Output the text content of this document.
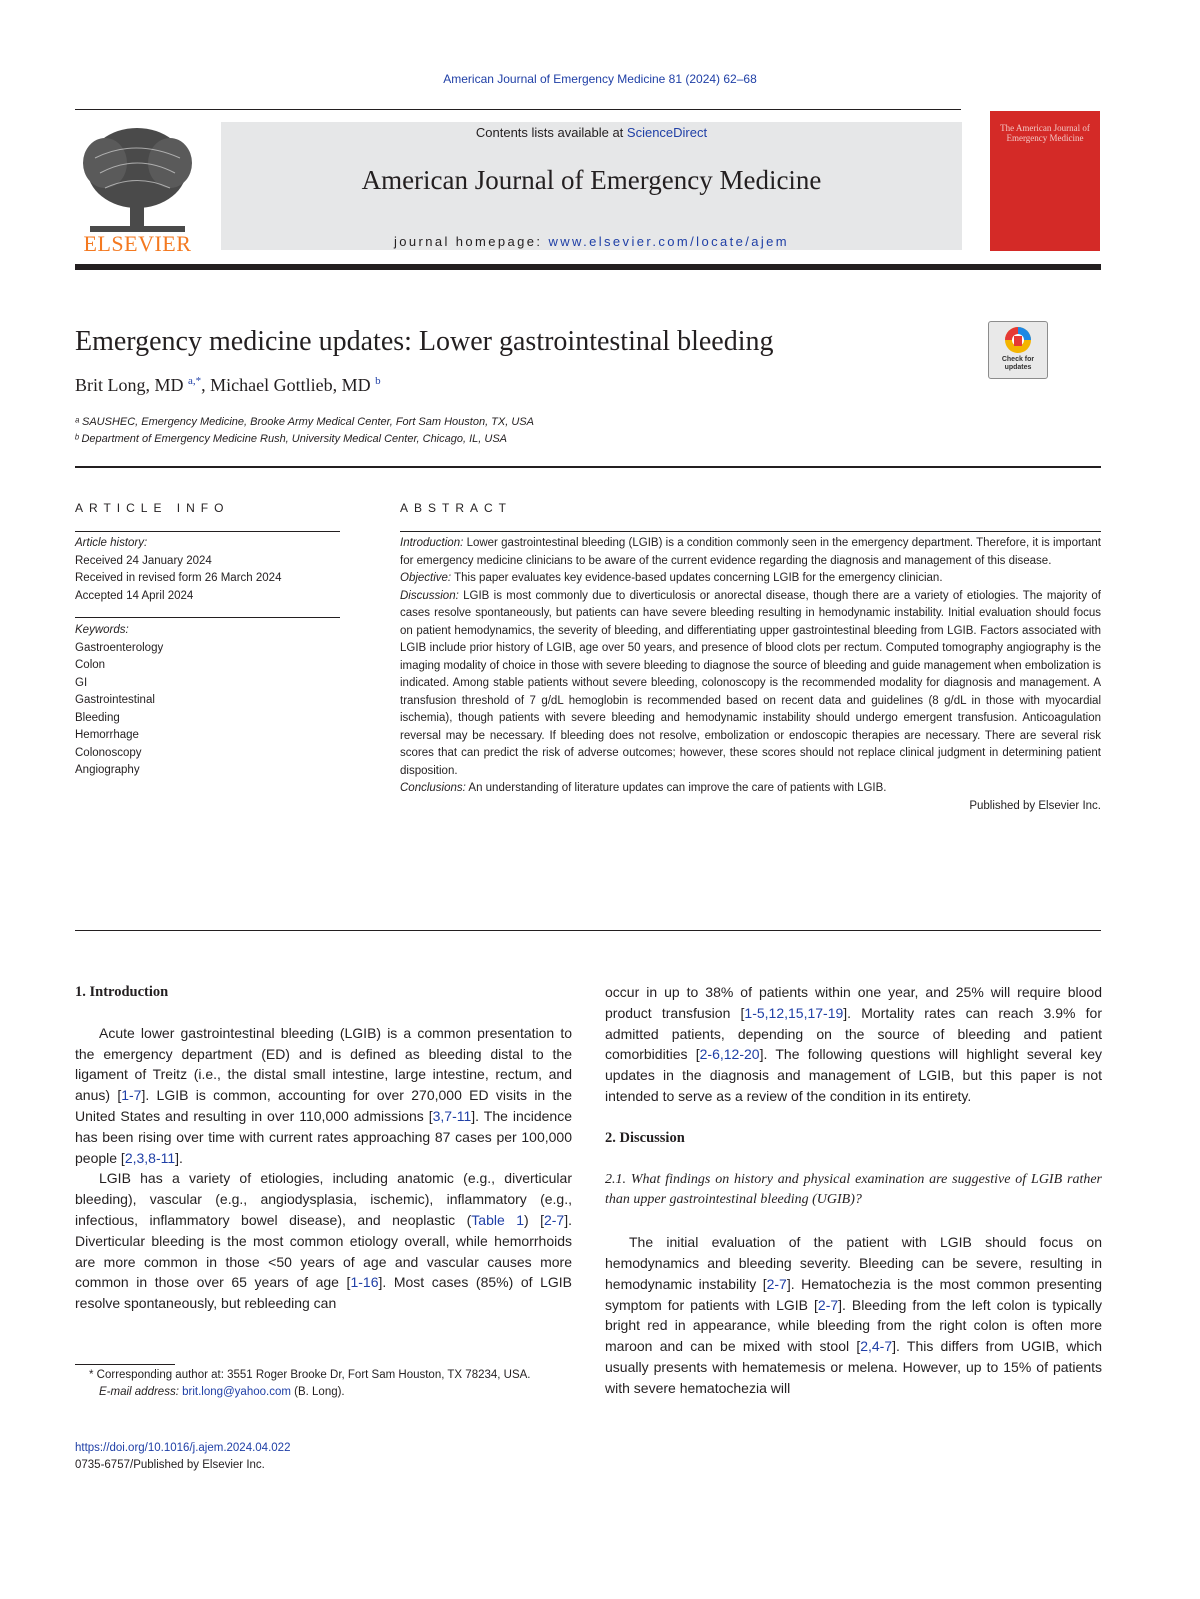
American Journal of Emergency Medicine 81 (2024) 62–68
ELSEVIER
Contents lists available at ScienceDirect
American Journal of Emergency Medicine
journal homepage: www.elsevier.com/locate/ajem
The American Journal of Emergency Medicine
Emergency medicine updates: Lower gastrointestinal bleeding
Check for updates
Brit Long, MD $^{a,*}$, Michael Gottlieb, MD $^b$
ᵃ SAUSHEC, Emergency Medicine, Brooke Army Medical Center, Fort Sam Houston, TX, USA
ᵇ Department of Emergency Medicine Rush, University Medical Center, Chicago, IL, USA
ARTICLE INFO
Article history:
Received 24 January 2024
Received in revised form 26 March 2024
Accepted 14 April 2024
Keywords:
Gastroenterology
Colon
GI
Gastrointestinal
Bleeding
Hemorrhage
Colonoscopy
Angiography
ABSTRACT

Introduction: Lower gastrointestinal bleeding (LGIB) is a condition commonly seen in the emergency department. Therefore, it is important for emergency medicine clinicians to be aware of the current evidence regarding the diagnosis and management of this disease.

Objective: This paper evaluates key evidence-based updates concerning LGIB for the emergency clinician.

Discussion: LGIB is most commonly due to diverticulosis or anorectal disease, though there are a variety of etiologies. The majority of cases resolve spontaneously, but patients can have severe bleeding resulting in hemodynamic instability. Initial evaluation should focus on patient hemodynamics, the severity of bleeding, and differentiating upper gastrointestinal bleeding from LGIB. Factors associated with LGIB include prior history of LGIB, age over 50 years, and presence of blood clots per rectum. Computed tomography angiography is the imaging modality of choice in those with severe bleeding to diagnose the source of bleeding and guide management when embolization is indicated. Among stable patients without severe bleeding, colonoscopy is the recommended modality for diagnosis and management. A transfusion threshold of 7 g/dL hemoglobin is recommended based on recent data and guidelines (8 g/dL in those with myocardial ischemia), though patients with severe bleeding and hemodynamic instability should undergo emergent transfusion. Anticoagulation reversal may be necessary. If bleeding does not resolve, embolization or endoscopic therapies are necessary. There are several risk scores that can predict the risk of adverse outcomes; however, these scores should not replace clinical judgment in determining patient disposition.

Conclusions: An understanding of literature updates can improve the care of patients with LGIB.

Published by Elsevier Inc.

1. Introduction

Acute lower gastrointestinal bleeding (LGIB) is a common presentation to the emergency department (ED) and is defined as bleeding distal to the ligament of Treitz (i.e., the distal small intestine, large intestine, rectum, and anus) [1-7]. LGIB is common, accounting for over 270,000 ED visits in the United States and resulting in over 110,000 admissions [3,7-11]. The incidence has been rising over time with current rates approaching 87 cases per 100,000 people [2,3,8-11].

LGIB has a variety of etiologies, including anatomic (e.g., diverticular bleeding), vascular (e.g., angiodysplasia, ischemic), inflammatory (e.g., infectious, inflammatory bowel disease), and neoplastic (Table 1) [2-7]. Diverticular bleeding is the most common etiology overall, while hemorrhoids are more common in those <50 years of age and vascular causes more common in those over 65 years of age [1-16]. Most cases (85%) of LGIB resolve spontaneously, but rebleeding can

* Corresponding author at: 3551 Roger Brooke Dr, Fort Sam Houston, TX 78234, USA.
E-mail address: brit.long@yahoo.com (B. Long).
https://doi.org/10.1016/j.ajem.2024.04.022
0735-6757/Published by Elsevier Inc.

occur in up to 38% of patients within one year, and 25% will require blood product transfusion [1-5,12,15,17-19]. Mortality rates can reach 3.9% for admitted patients, depending on the source of bleeding and patient comorbidities [2-6,12-20]. The following questions will highlight several key updates in the diagnosis and management of LGIB, but this paper is not intended to serve as a review of the condition in its entirety.

2. Discussion

2.1. What findings on history and physical examination are suggestive of LGIB rather than upper gastrointestinal bleeding (UGIB)?

The initial evaluation of the patient with LGIB should focus on hemodynamics and bleeding severity. Bleeding can be severe, resulting in hemodynamic instability [2-7]. Hematochezia is the most common presenting symptom for patients with LGIB [2-7]. Bleeding from the left colon is typically bright red in appearance, while bleeding from the right colon is often more maroon and can be mixed with stool [2,4-7]. This differs from UGIB, which usually presents with hematemesis or melena. However, up to 15% of patients with severe hematochezia will
